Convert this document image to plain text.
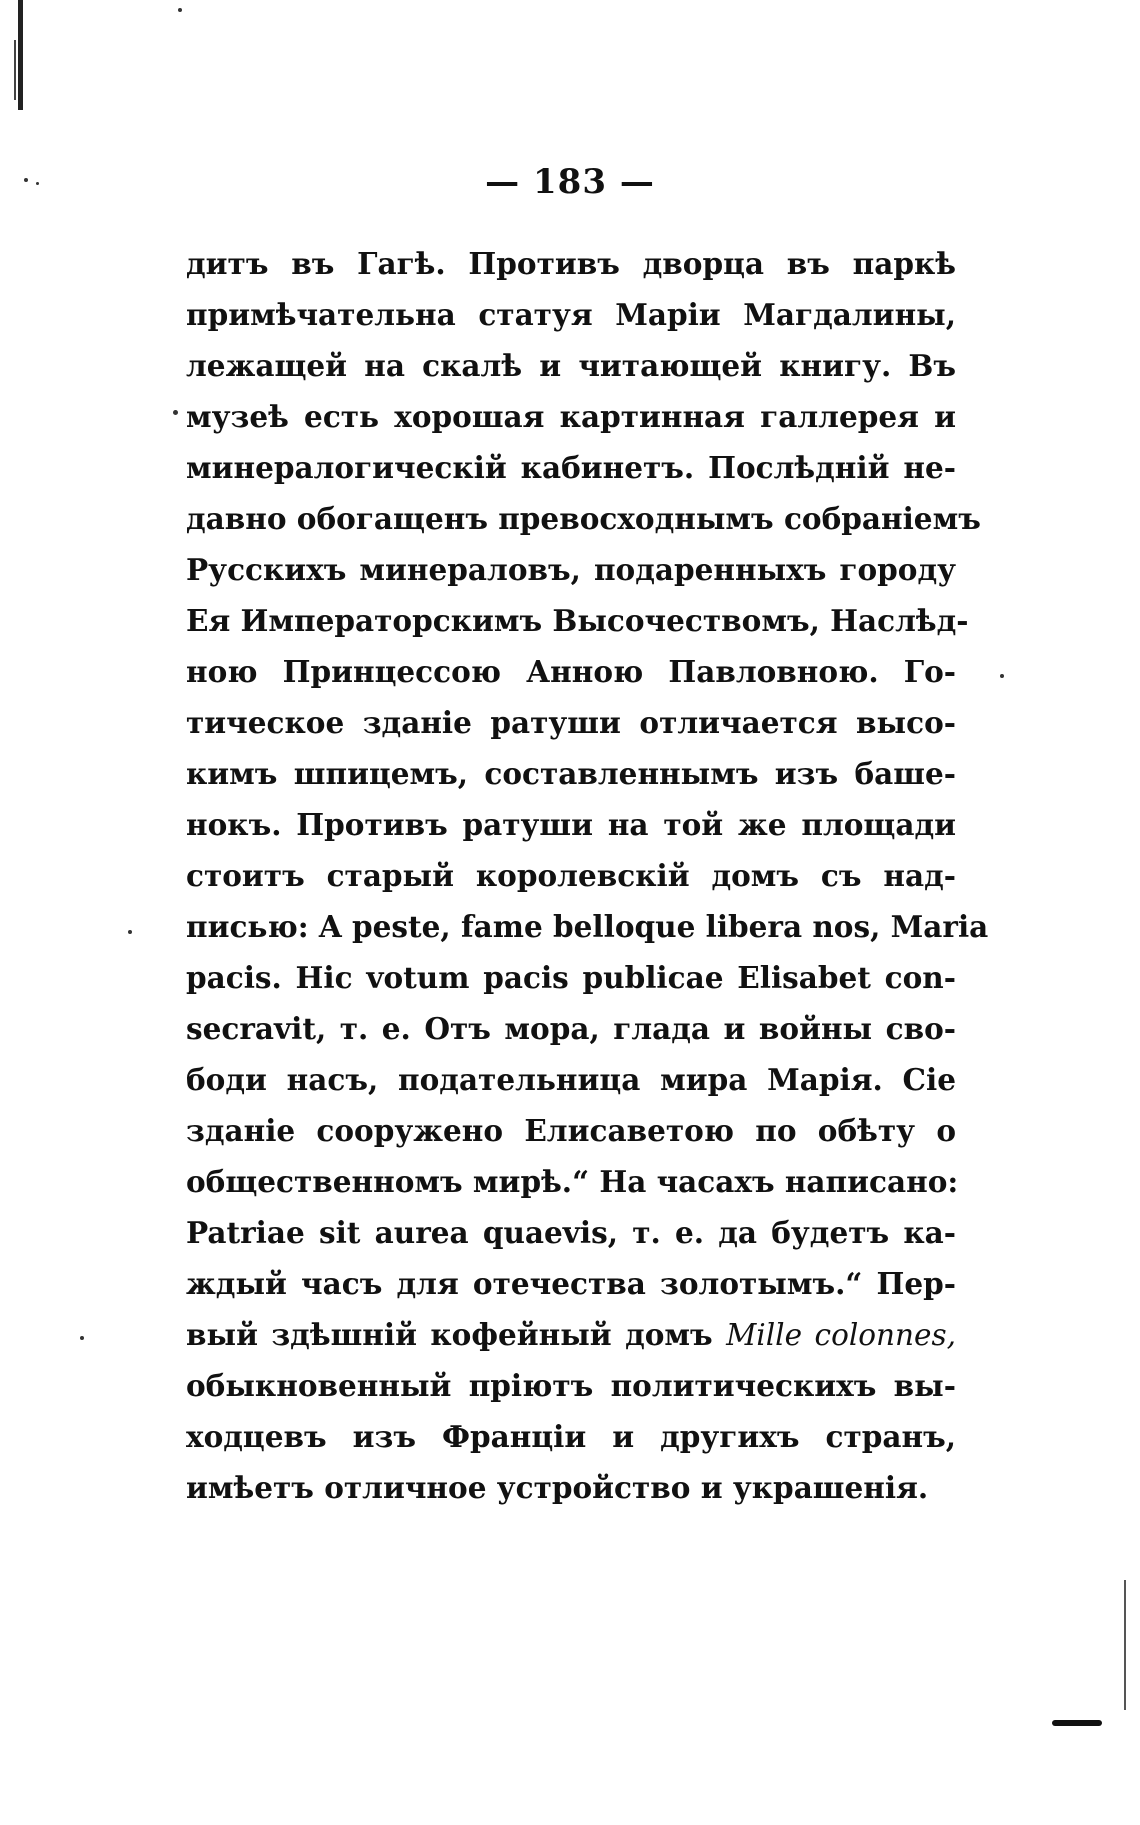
— 183 —
дитъ въ Гагѣ. Противъ дворца въ паркѣ
примѣчательна статуя Маріи Магдалины,
лежащей на скалѣ и читающей книгу. Въ
музеѣ есть хорошая картинная галлерея и
минералогическій кабинетъ. Послѣдній не-
давно обогащенъ превосходнымъ собраніемъ
Русскихъ минераловъ, подаренныхъ городу
Ея Императорскимъ Высочествомъ, Наслѣд-
ною Принцессою Анною Павловною. Го-
тическое зданіе ратуши отличается высо-
кимъ шпицемъ, составленнымъ изъ баше-
нокъ. Противъ ратуши на той же площади
стоитъ старый королевскій домъ съ над-
писью: A peste, fame belloque libera nos, Maria
pacis. Hic votum pacis publicae Elisabet con-
secravit, т. е. Отъ мора, глада и войны сво-
боди насъ, подательница мира Марія. Сіе
зданіе сооружено Елисаветою по обѣту о
общественномъ мирѣ.“ На часахъ написано:
Patriae sit aurea quaevis, т. е. да будетъ ка-
ждый часъ для отечества золотымъ.“ Пер-
вый здѣшній кофейный домъ Mille colonnes,
обыкновенный пріютъ политическихъ вы-
ходцевъ изъ Франціи и другихъ странъ,
имѣетъ отличное устройство и украшенія.
